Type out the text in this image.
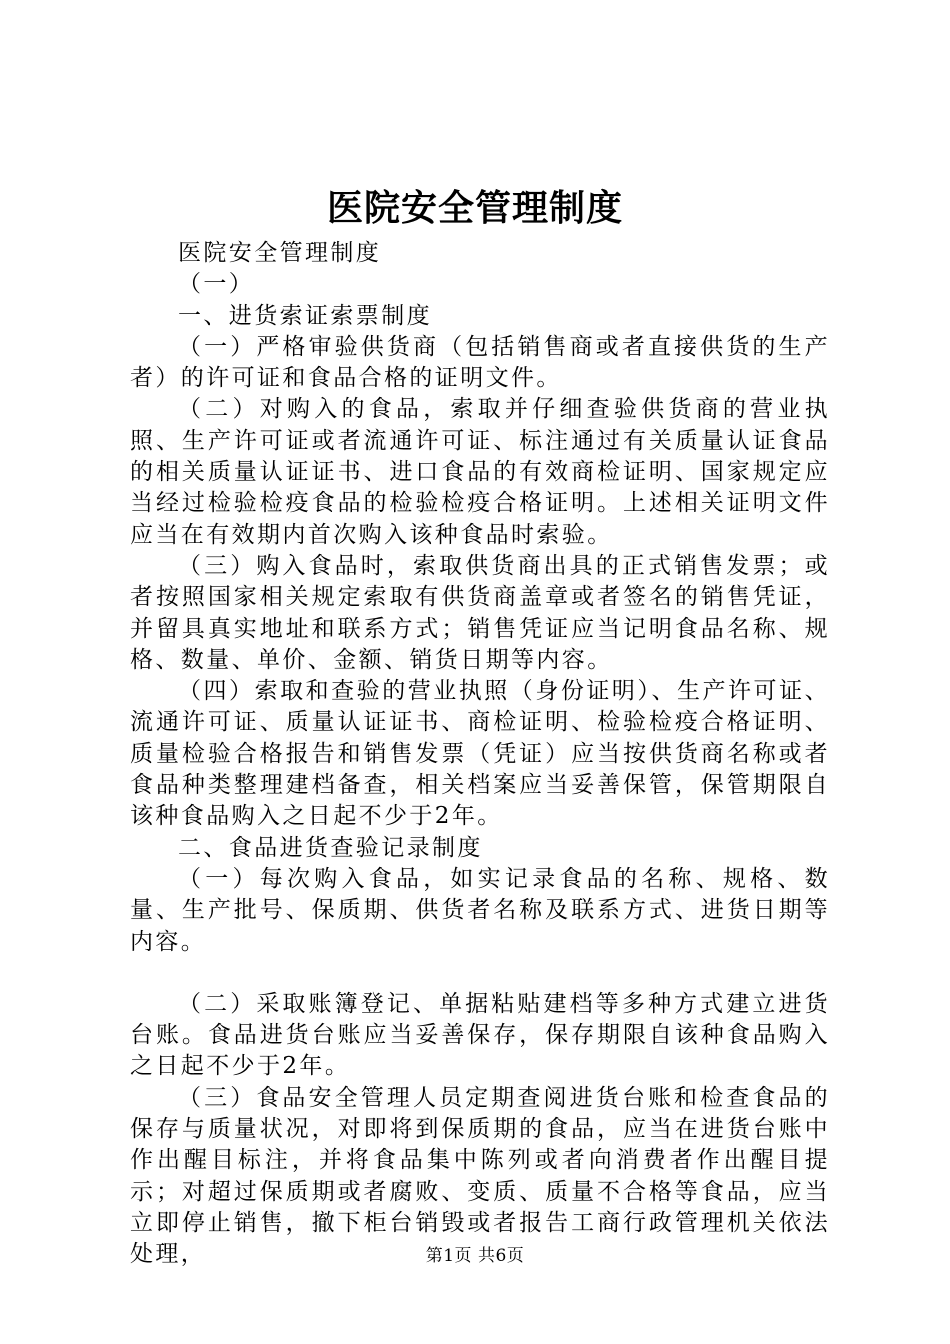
医院安全管理制度

医院安全管理制度

（一）

一、进货索证索票制度

（一）严格审验供货商（包括销售商或者直接供货的生产者）的许可证和食品合格的证明文件。

（二）对购入的食品，索取并仔细查验供货商的营业执照、生产许可证或者流通许可证、标注通过有关质量认证食品的相关质量认证证书、进口食品的有效商检证明、国家规定应当经过检验检疫食品的检验检疫合格证明。上述相关证明文件应当在有效期内首次购入该种食品时索验。

（三）购入食品时，索取供货商出具的正式销售发票；或者按照国家相关规定索取有供货商盖章或者签名的销售凭证，并留具真实地址和联系方式；销售凭证应当记明食品名称、规格、数量、单价、金额、销货日期等内容。

（四）索取和查验的营业执照（身份证明）、生产许可证、流通许可证、质量认证证书、商检证明、检验检疫合格证明、质量检验合格报告和销售发票（凭证）应当按供货商名称或者食品种类整理建档备查，相关档案应当妥善保管，保管期限自该种食品购入之日起不少于2年。

二、食品进货查验记录制度

（一）每次购入食品，如实记录食品的名称、规格、数量、生产批号、保质期、供货者名称及联系方式、进货日期等内容。

（二）采取账簿登记、单据粘贴建档等多种方式建立进货台账。食品进货台账应当妥善保存，保存期限自该种食品购入之日起不少于2年。

（三）食品安全管理人员定期查阅进货台账和检查食品的保存与质量状况，对即将到保质期的食品，应当在进货台账中作出醒目标注，并将食品集中陈列或者向消费者作出醒目提示；对超过保质期或者腐败、变质、质量不合格等食品，应当立即停止销售，撤下柜台销毁或者报告工商行政管理机关依法处理，	第1页 共6页
